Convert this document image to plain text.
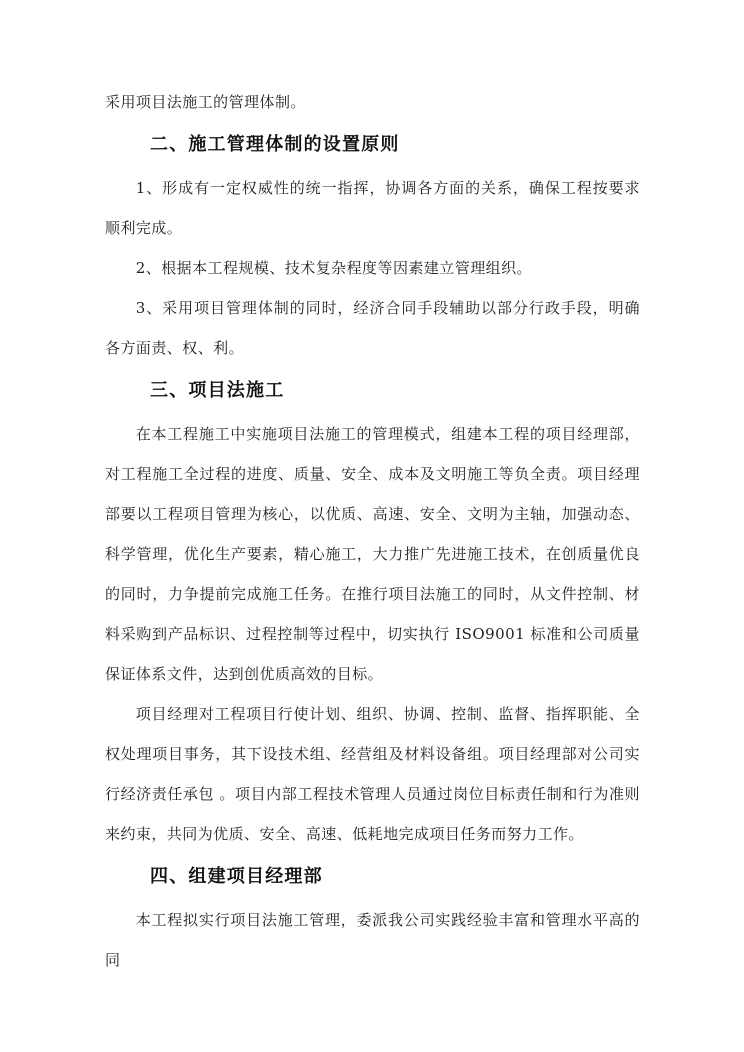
采用项目法施工的管理体制。

二、施工管理体制的设置原则

1、形成有一定权威性的统一指挥，协调各方面的关系，确保工程按要求顺利完成。

2、根据本工程规模、技术复杂程度等因素建立管理组织。

3、采用项目管理体制的同时，经济合同手段辅助以部分行政手段，明确各方面责、权、利。

三、项目法施工

在本工程施工中实施项目法施工的管理模式，组建本工程的项目经理部，对工程施工全过程的进度、质量、安全、成本及文明施工等负全责。项目经理部要以工程项目管理为核心，以优质、高速、安全、文明为主轴，加强动态、科学管理，优化生产要素，精心施工，大力推广先进施工技术，在创质量优良的同时，力争提前完成施工任务。在推行项目法施工的同时，从文件控制、材料采购到产品标识、过程控制等过程中，切实执行 ISO9001 标准和公司质量保证体系文件，达到创优质高效的目标。

项目经理对工程项目行使计划、组织、协调、控制、监督、指挥职能、全权处理项目事务，其下设技术组、经营组及材料设备组。项目经理部对公司实行经济责任承包 。项目内部工程技术管理人员通过岗位目标责任制和行为准则来约束，共同为优质、安全、高速、低耗地完成项目任务而努力工作。

四、组建项目经理部

本工程拟实行项目法施工管理，委派我公司实践经验丰富和管理水平高的同
